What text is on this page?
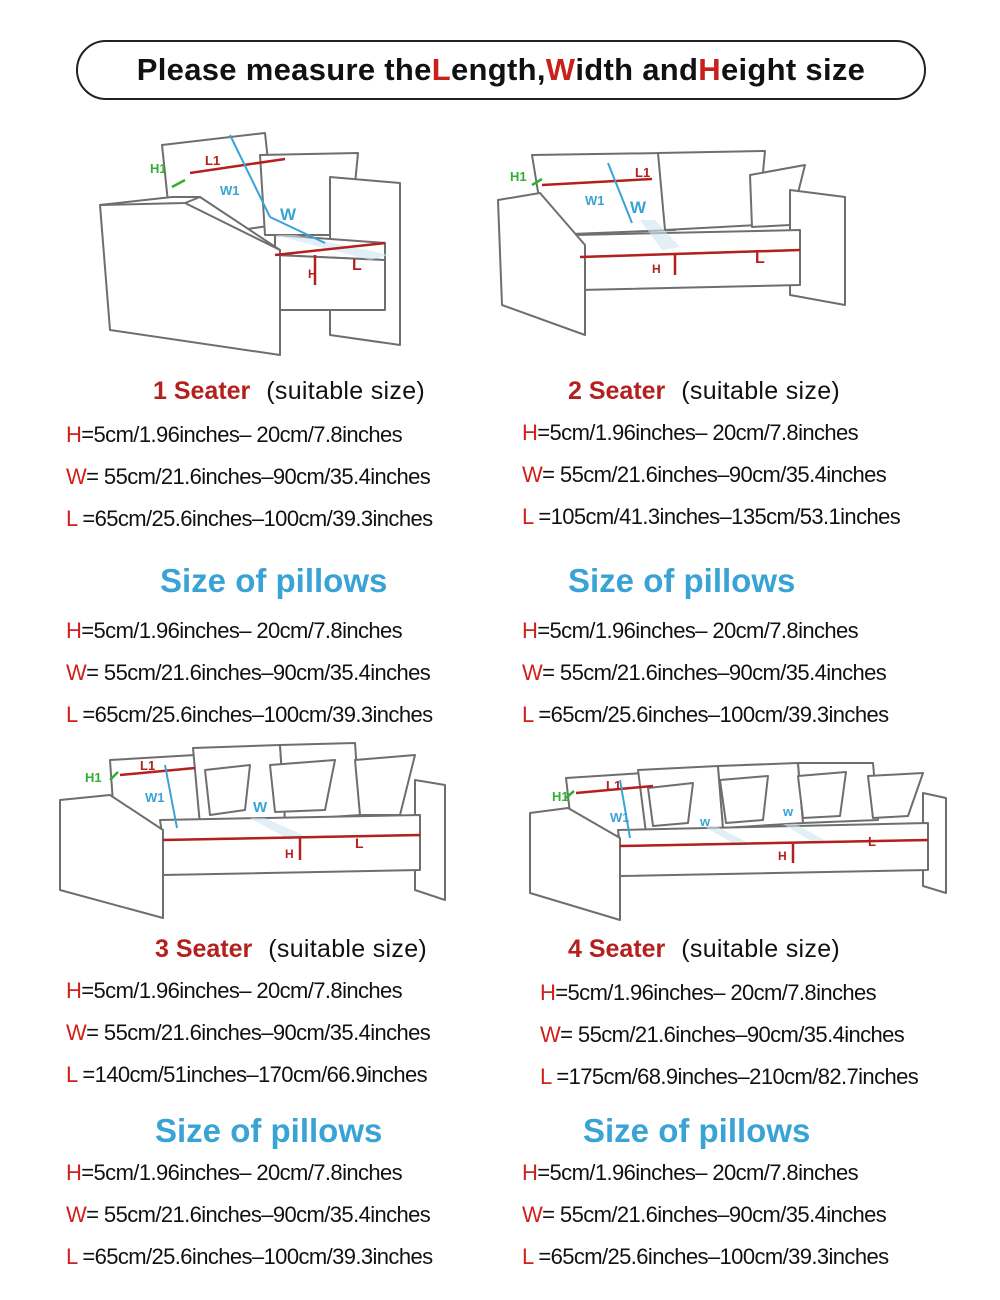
Please measure the L ength, W idth and H eight size
H1
L1
W1
W
H L
H1	L1
W1 W
H
L
H1
L1
W1
W
H
L
H1
L1
W1	w
w
H
L
1 Seater (suitable size)
H=5cm/1.96inches– 20cm/7.8inches
W= 55cm/21.6inches–90cm/35.4inches
L =65cm/25.6inches–100cm/39.3inches
Size of pillows
H=5cm/1.96inches– 20cm/7.8inches
W= 55cm/21.6inches–90cm/35.4inches
L =65cm/25.6inches–100cm/39.3inches
2 Seater (suitable size)
H=5cm/1.96inches– 20cm/7.8inches
W= 55cm/21.6inches–90cm/35.4inches
L =105cm/41.3inches–135cm/53.1inches
Size of pillows
H=5cm/1.96inches– 20cm/7.8inches
W= 55cm/21.6inches–90cm/35.4inches
L =65cm/25.6inches–100cm/39.3inches
3 Seater (suitable size)
H=5cm/1.96inches– 20cm/7.8inches
W= 55cm/21.6inches–90cm/35.4inches
L =140cm/51inches–170cm/66.9inches
Size of pillows
H=5cm/1.96inches– 20cm/7.8inches
W= 55cm/21.6inches–90cm/35.4inches
L =65cm/25.6inches–100cm/39.3inches
4 Seater (suitable size)
H=5cm/1.96inches– 20cm/7.8inches
W= 55cm/21.6inches–90cm/35.4inches
L =175cm/68.9inches–210cm/82.7inches
Size of pillows
H=5cm/1.96inches– 20cm/7.8inches
W= 55cm/21.6inches–90cm/35.4inches
L =65cm/25.6inches–100cm/39.3inches
